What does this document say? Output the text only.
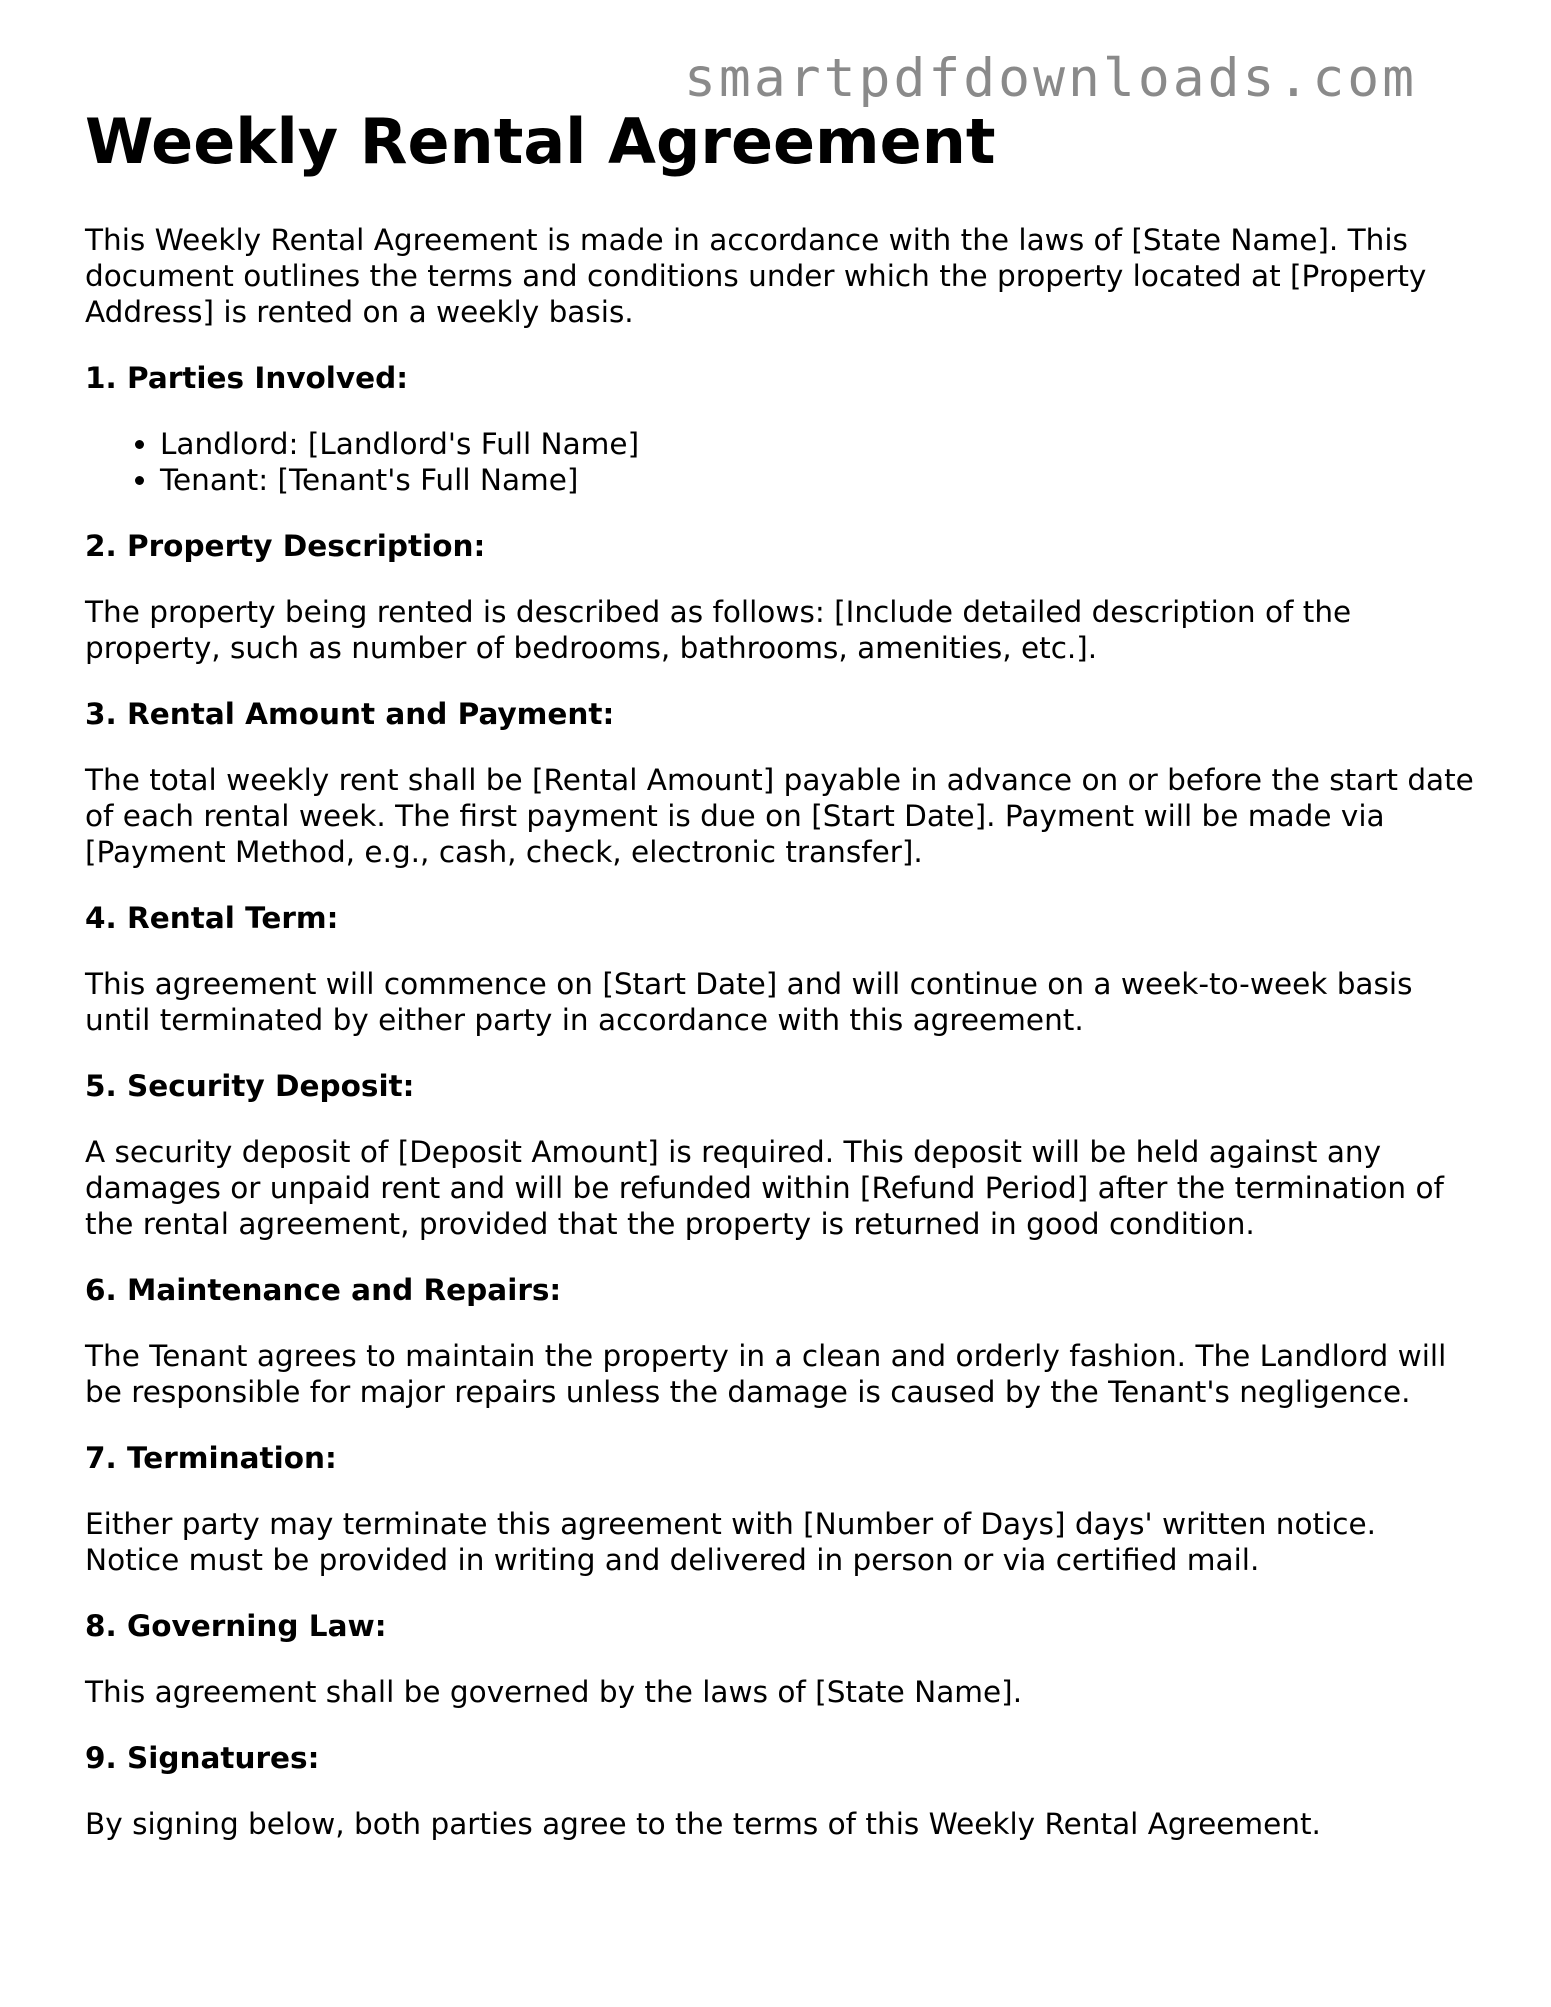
smartpdfdownloads.com
Weekly Rental Agreement

This Weekly Rental Agreement is made in accordance with the laws of [State Name]. This document outlines the terms and conditions under which the property located at [Property Address] is rented on a weekly basis.

1. Parties Involved:
• Landlord: [Landlord's Full Name]
• Tenant: [Tenant's Full Name]
2. Property Description:

The property being rented is described as follows: [Include detailed description of the property, such as number of bedrooms, bathrooms, amenities, etc.].

3. Rental Amount and Payment:

The total weekly rent shall be [Rental Amount] payable in advance on or before the start date of each rental week. The first payment is due on [Start Date]. Payment will be made via [Payment Method, e.g., cash, check, electronic transfer].

4. Rental Term:

This agreement will commence on [Start Date] and will continue on a week-to-week basis until terminated by either party in accordance with this agreement.

5. Security Deposit:

A security deposit of [Deposit Amount] is required. This deposit will be held against any damages or unpaid rent and will be refunded within [Refund Period] after the termination of the rental agreement, provided that the property is returned in good condition.

6. Maintenance and Repairs:

The Tenant agrees to maintain the property in a clean and orderly fashion. The Landlord will be responsible for major repairs unless the damage is caused by the Tenant's negligence.

7. Termination:

Either party may terminate this agreement with [Number of Days] days' written notice. Notice must be provided in writing and delivered in person or via certified mail.

8. Governing Law:

This agreement shall be governed by the laws of [State Name].

9. Signatures:

By signing below, both parties agree to the terms of this Weekly Rental Agreement.
